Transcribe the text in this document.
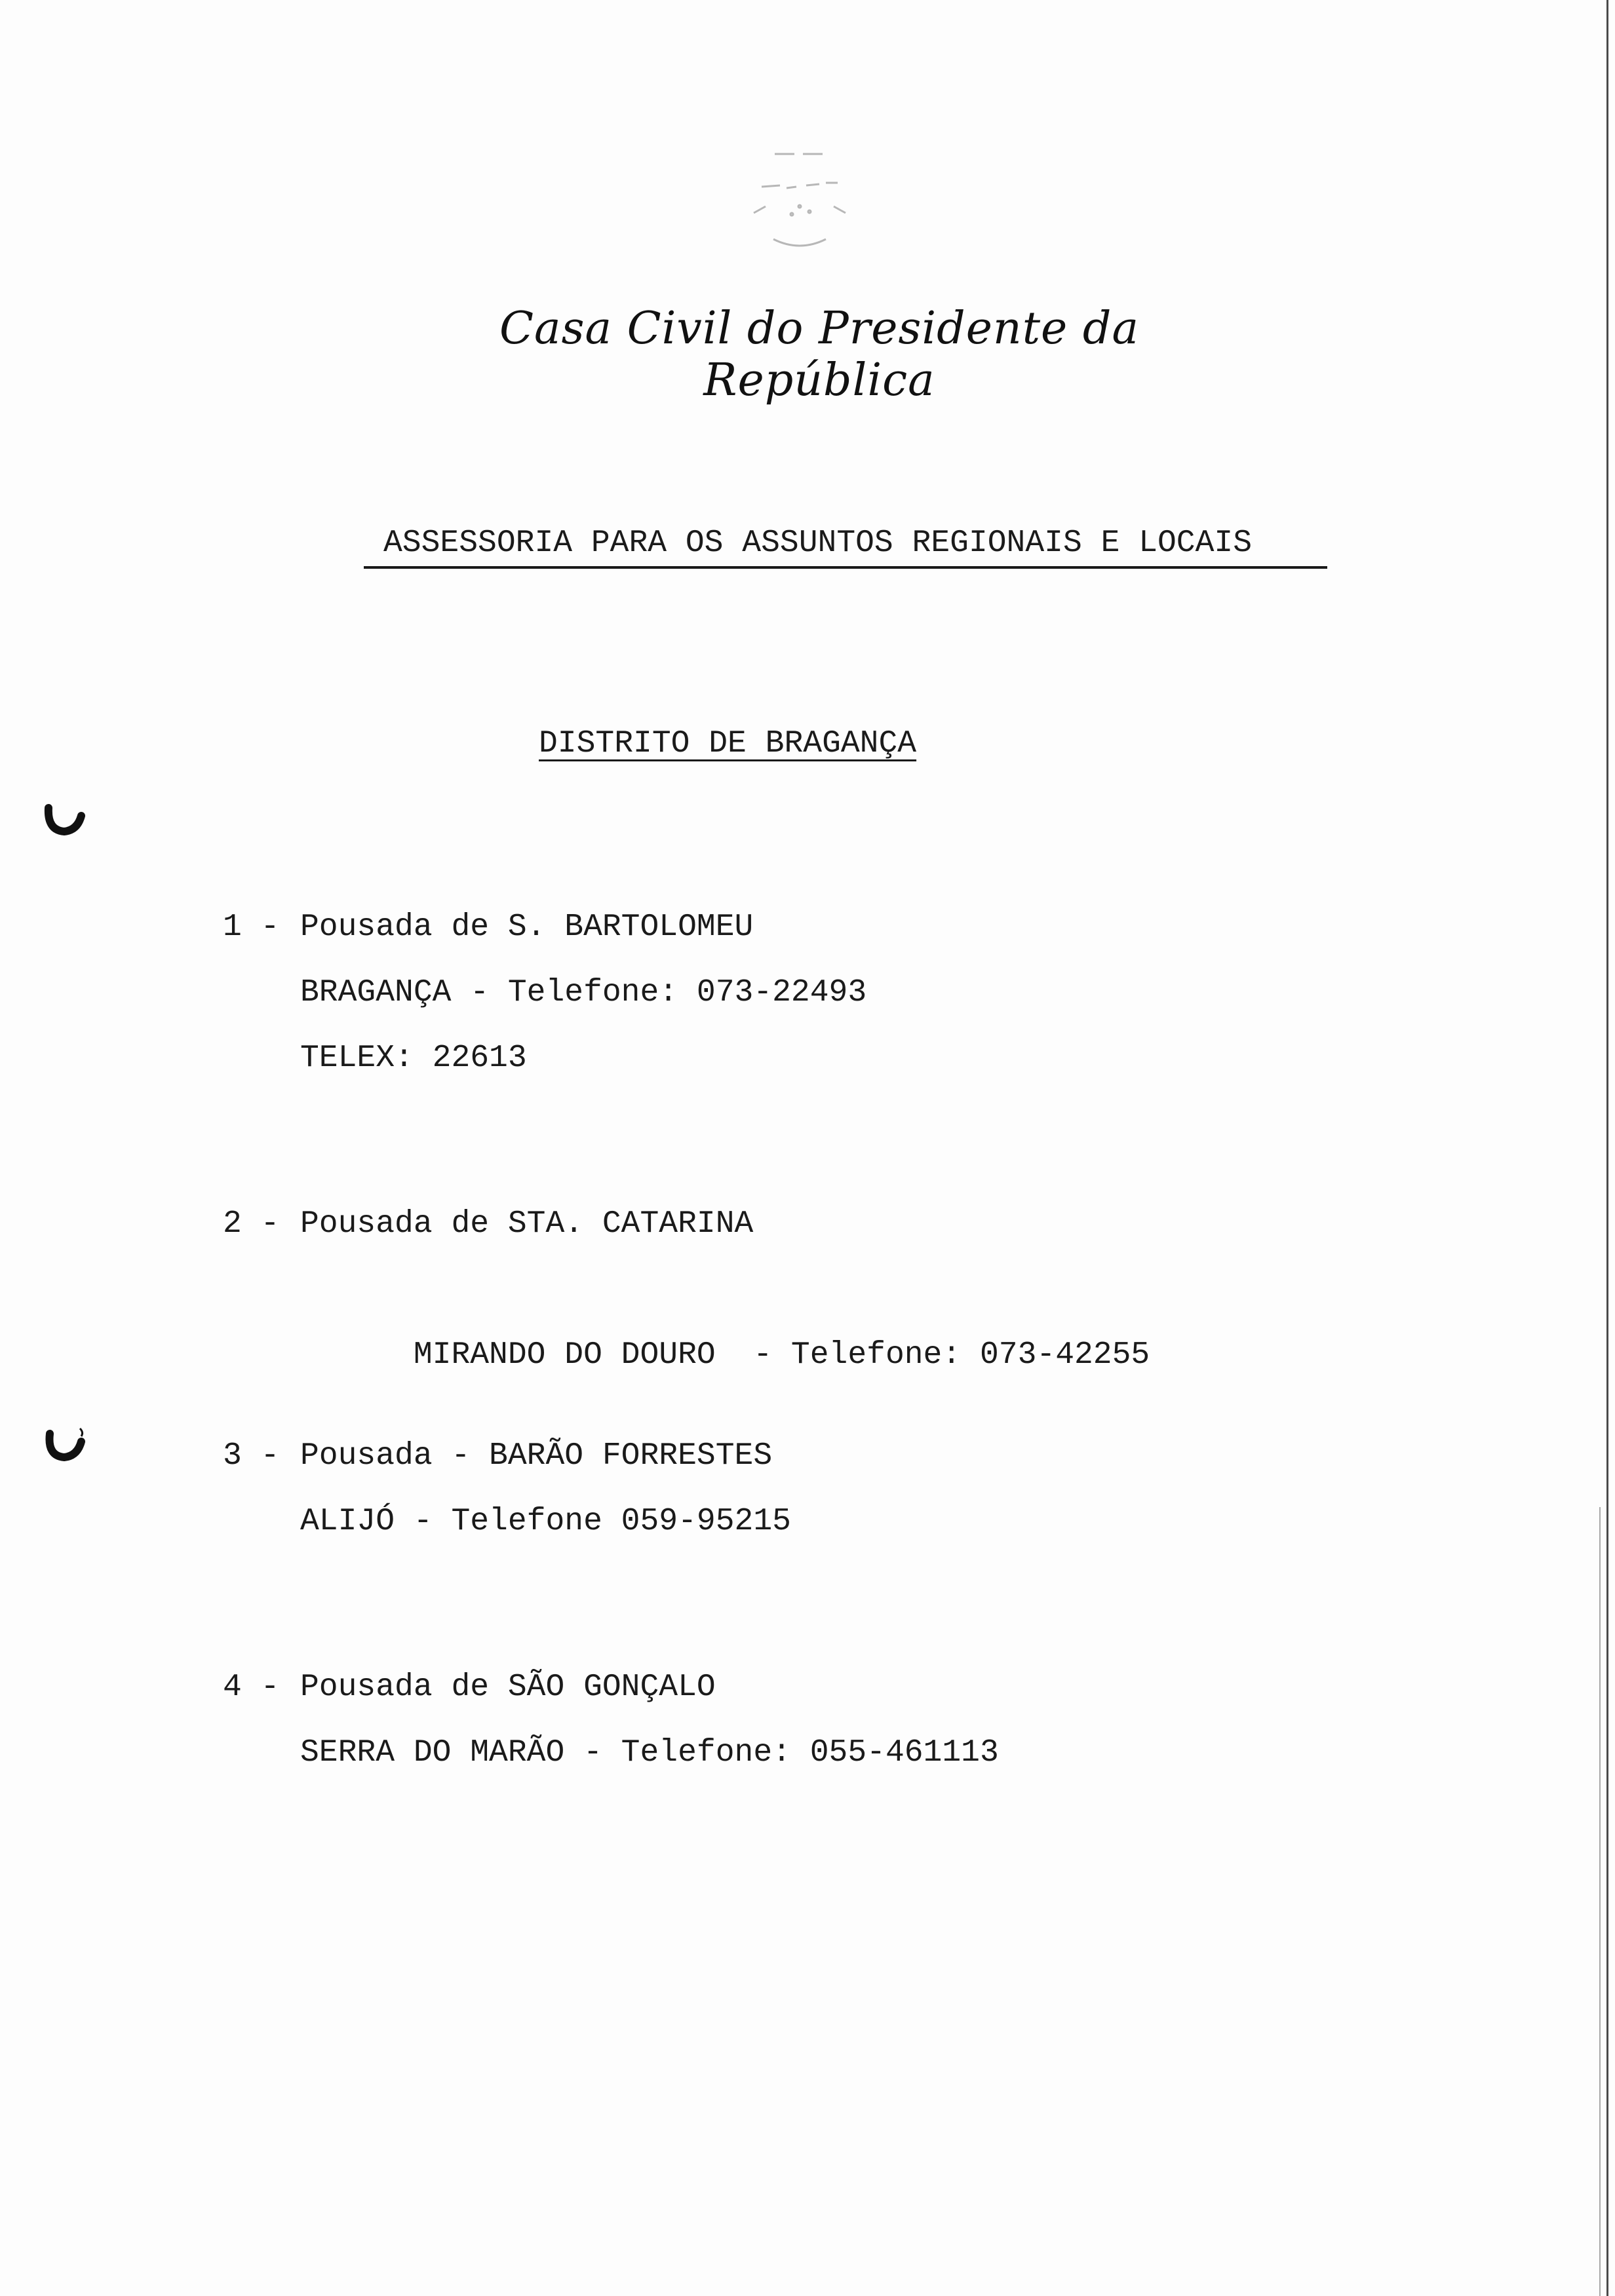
Casa Civil do Presidente da República
ASSESSORIA PARA OS ASSUNTOS REGIONAIS E LOCAIS
DISTRITO DE BRAGANÇA
1 - Pousada de S. BARTOLOMEU
BRAGANÇA - Telefone: 073-22493
TELEX: 22613
2 - Pousada de STA. CATARINA

MIRANDO DO DOURO  - Telefone: 073-42255

3 - Pousada - BARÃO FORRESTES
ALIJÓ - Telefone 059-95215
4 - Pousada de SÃO GONÇALO
SERRA DO MARÃO - Telefone: 055-461113
